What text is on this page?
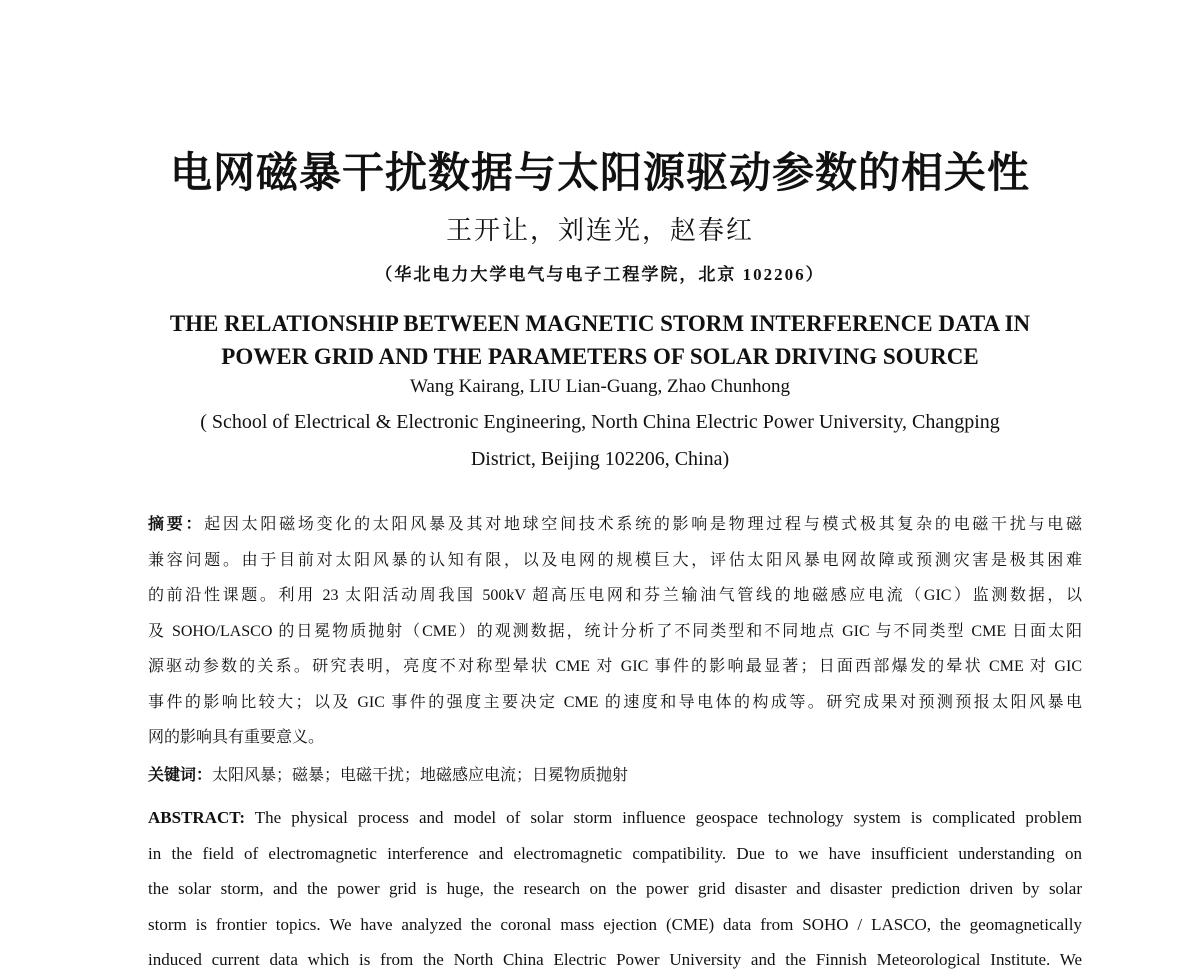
电网磁暴干扰数据与太阳源驱动参数的相关性
王开让，刘连光，赵春红
（华北电力大学电气与电子工程学院，北京 102206）
THE RELATIONSHIP BETWEEN MAGNETIC STORM INTERFERENCE DATA IN
POWER GRID AND THE PARAMETERS OF SOLAR DRIVING SOURCE
Wang Kairang, LIU Lian-Guang, Zhao Chunhong
( School of Electrical & Electronic Engineering, North China Electric Power University, Changping
District, Beijing 102206, China)
摘要：起因太阳磁场变化的太阳风暴及其对地球空间技术系统的影响是物理过程与模式极其复杂的电磁干扰与电磁
兼容问题。由于目前对太阳风暴的认知有限，以及电网的规模巨大，评估太阳风暴电网故障或预测灾害是极其困难
的前沿性课题。利用 23 太阳活动周我国 500kV 超高压电网和芬兰输油气管线的地磁感应电流（GIC）监测数据，以
及 SOHO/LASCO 的日冕物质抛射（CME）的观测数据，统计分析了不同类型和不同地点 GIC 与不同类型 CME 日面太阳
源驱动参数的关系。研究表明，亮度不对称型晕状 CME 对 GIC 事件的影响最显著；日面西部爆发的晕状 CME 对 GIC
事件的影响比较大；以及 GIC 事件的强度主要决定 CME 的速度和导电体的构成等。研究成果对预测预报太阳风暴电
网的影响具有重要意义。
关键词：太阳风暴；磁暴；电磁干扰；地磁感应电流；日冕物质抛射
ABSTRACT: The physical process and model of solar storm influence geospace technology system is complicated problem
in the field of electromagnetic interference and electromagnetic compatibility. Due to we have insufficient understanding on
the solar storm, and the power grid is huge, the research on the power grid disaster and disaster prediction driven by solar
storm is frontier topics. We have analyzed the coronal mass ejection (CME) data from SOHO / LASCO, the geomagnetically
induced current data which is from the North China Electric Power University and the Finnish Meteorological Institute. We
